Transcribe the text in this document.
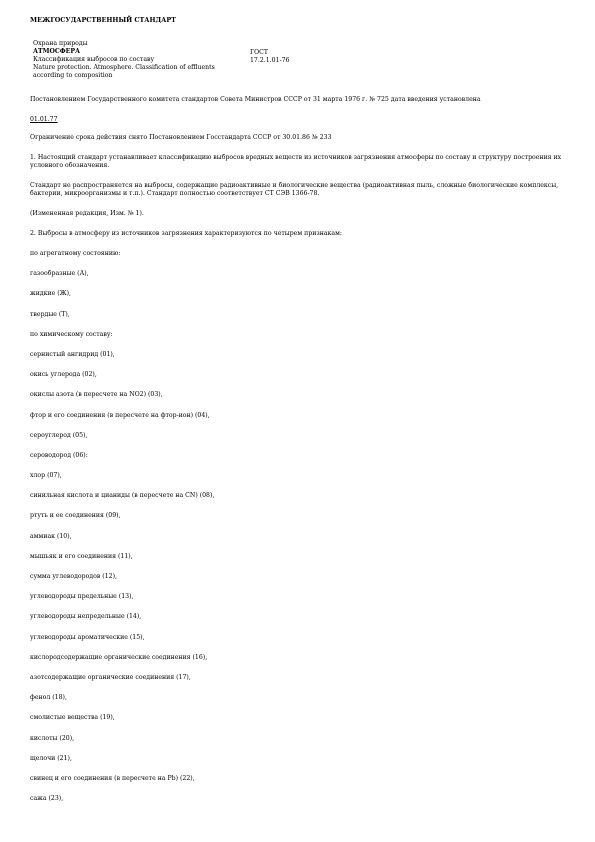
МЕЖГОСУДАРСТВЕННЫЙ СТАНДАРТ
Охрана природы
АТМОСФЕРА
Классификация выбросов по составу
Nature protection. Atmosphere. Classification of effluents
according to composition
ГОСТ
17.2.1.01-76
Постановлением Государственного комитета стандартов Совета Министров СССР от 31 марта 1976 г. № 725 дата введения установлена
01.01.77
Ограничение срока действия снято Постановлением Госстандарта СССР от 30.01.86 № 233
1. Настоящий стандарт устанавливает классификацию выбросов вредных веществ из источников загрязнения атмосферы по составу и структуру построения их условного обозначения.
Стандарт не распространяется на выбросы, содержащие радиоактивные и биологические вещества (радиоактивная пыль, сложные биологические комплексы, бактерии, микроорганизмы и т.п.). Стандарт полностью соответствует СТ СЭВ 1366-78.
(Измененная редакция, Изм. № 1).
2. Выбросы в атмосферу из источников загрязнения характеризуются по четырем признакам:
по агрегатному состоянию:
газообразные (А),
жидкие (Ж),
твердые (Т),
по химическому составу:
сернистый ангидрид (01),
окись углерода (02),
окислы азота (в пересчете на NO2) (03),
фтор и его соединения (в пересчете на фтор-ион) (04),
сероуглерод (05),
сероводород (06):
хлор (07),
синильная кислота и цианиды (в пересчете на CN) (08),
ртуть и ее соединения (09),
аммиак (10),
мышьяк и его соединения (11),
сумма углеводородов (12),
углеводороды предельные (13),
углеводороды непредельные (14),
углеводороды ароматические (15),
кислородсодержащие органические соединения (16),
азотсодержащие органические соединения (17),
фенол (18),
смолистые вещества (19),
кислоты (20),
щелочи (21),
свинец и его соединения (в пересчете на Pb) (22),
сажа (23),
